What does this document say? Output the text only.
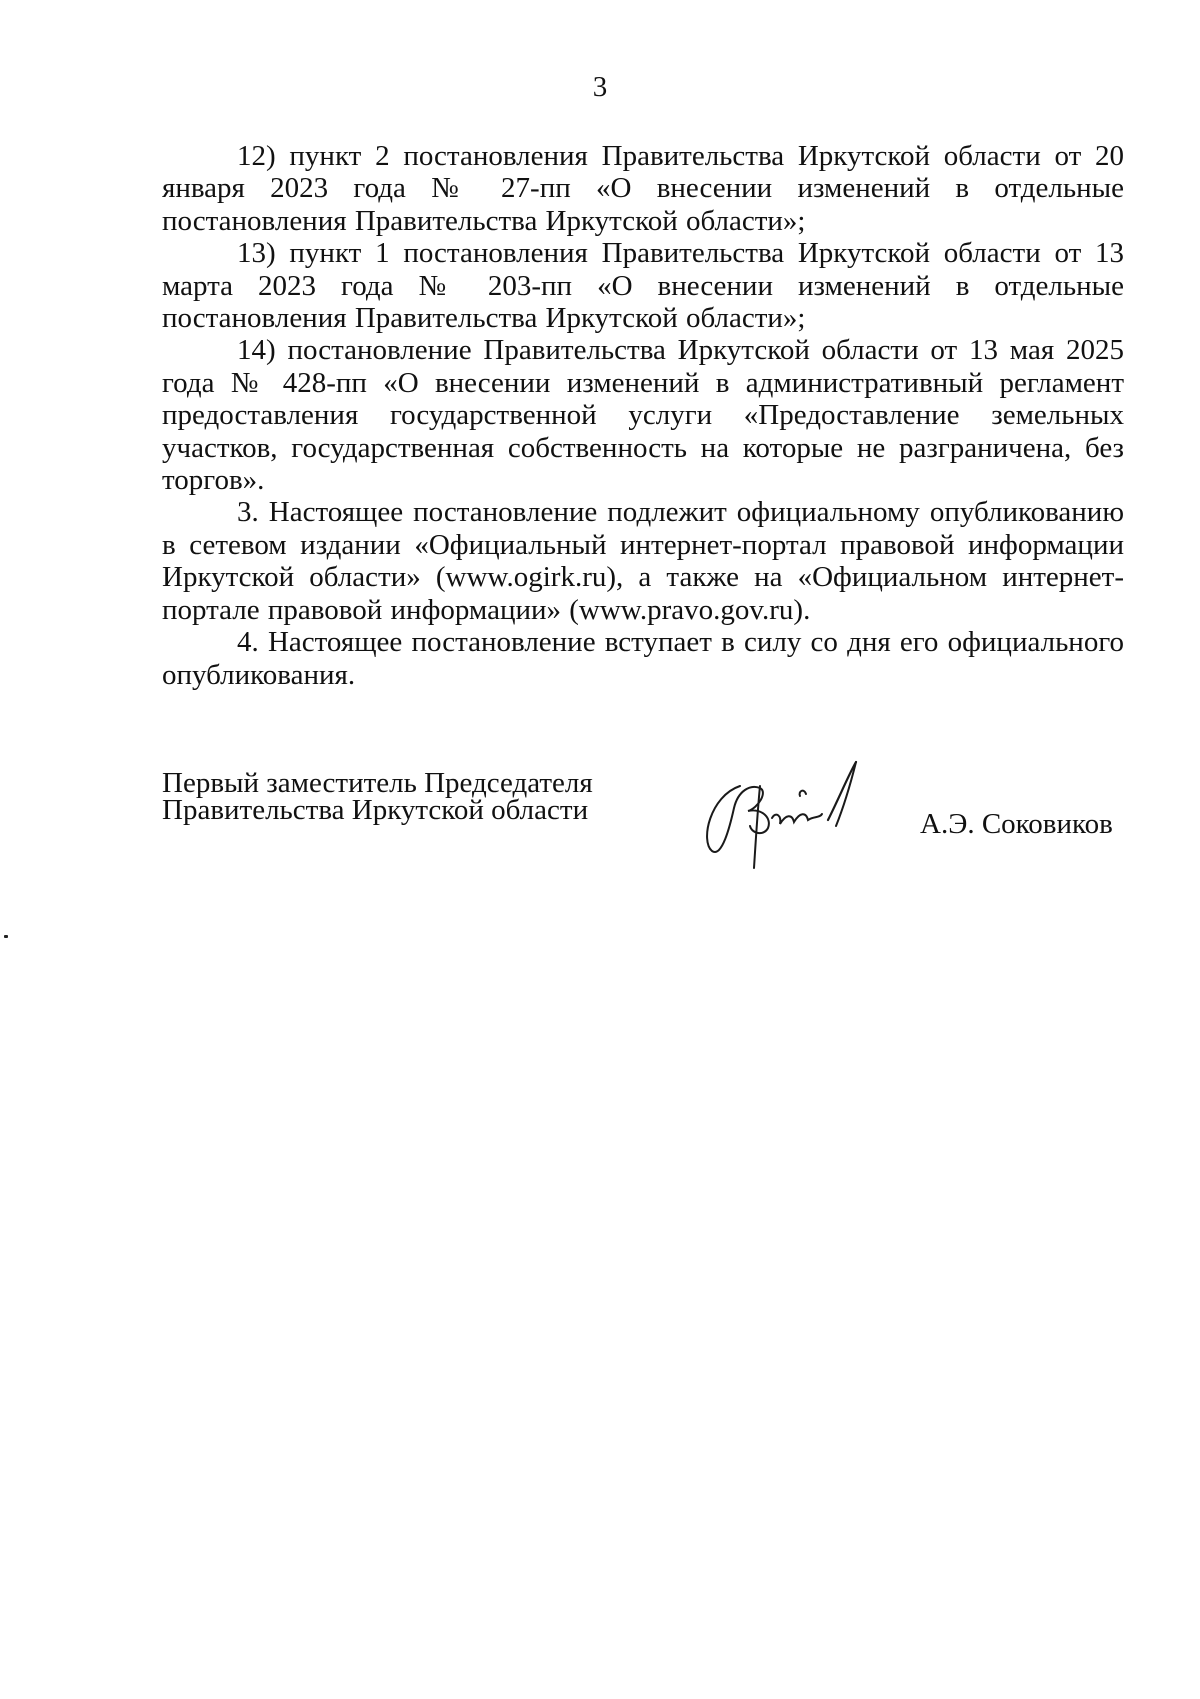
3

12) пункт 2 постановления Правительства Иркутской области от 20 января 2023 года № 27-пп «О внесении изменений в отдельные постановления Правительства Иркутской области»;

13) пункт 1 постановления Правительства Иркутской области от 13 марта 2023 года № 203-пп «О внесении изменений в отдельные постановления Правительства Иркутской области»;

14) постановление Правительства Иркутской области от 13 мая 2025 года № 428-пп «О внесении изменений в административный регламент предоставления государственной услуги «Предоставление земельных участков, государственная собственность на которые не разграничена, без торгов».

3. Настоящее постановление подлежит официальному опубликованию в сетевом издании «Официальный интернет-портал правовой информации Иркутской области» (www.ogirk.ru), а также на «Официальном интернет-портале правовой информации» (www.pravo.gov.ru).

4. Настоящее постановление вступает в силу со дня его официального опубликования.

Первый заместитель Председателя
Правительства Иркутской области	А.Э. Соковиков
